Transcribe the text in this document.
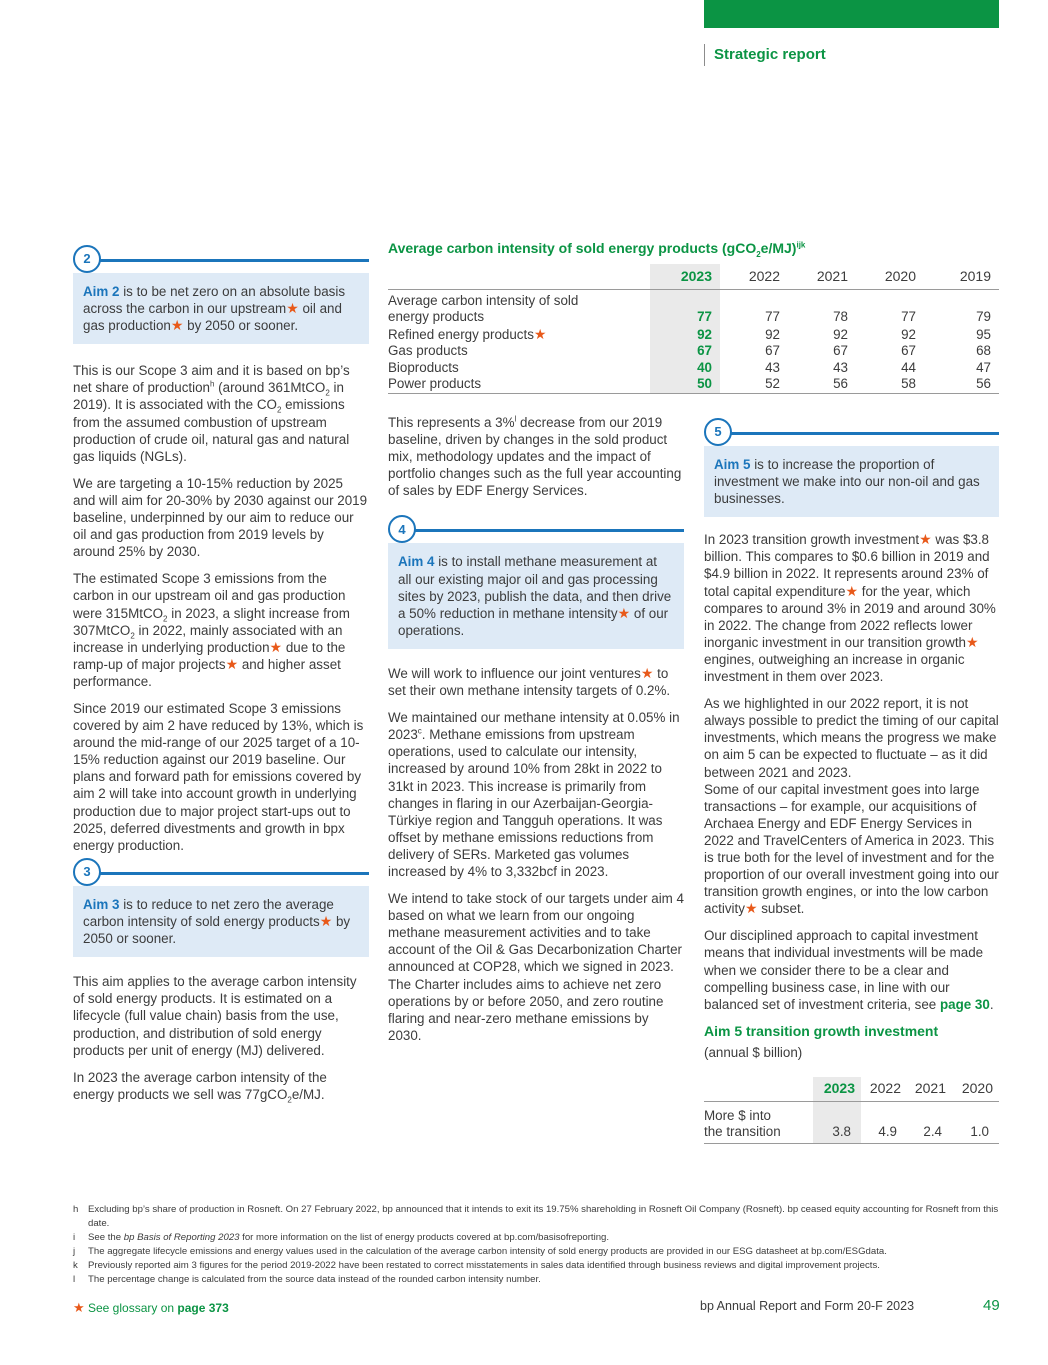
Strategic report
2
Aim 2 is to be net zero on an absolute basis across the carbon in our upstream★ oil and gas production★ by 2050 or sooner.

This is our Scope 3 aim and it is based on bp’s net share of production$^h$ (around 361MtCO$_2$ in 2019). It is associated with the $CO_2$ emissions from the assumed combustion of upstream production of crude oil, natural gas and natural gas liquids (NGLs).

We are targeting a 10-15% reduction by 2025 and will aim for 20-30% by 2030 against our 2019 baseline, underpinned by our aim to reduce our oil and gas production from 2019 levels by around 25% by 2030.

The estimated Scope 3 emissions from the carbon in our upstream oil and gas production were 315MtCO$_2$ in 2023, a slight increase from 307MtCO$_2$ in 2022, mainly associated with an increase in underlying production★ due to the ramp-up of major projects★ and higher asset performance.

Since 2019 our estimated Scope 3 emissions covered by aim 2 have reduced by 13%, which is around the mid-range of our 2025 target of a 10-15% reduction against our 2019 baseline. Our plans and forward path for emissions covered by aim 2 will take into account growth in underlying production due to major project start-ups out to 2025, deferred divestments and growth in bpx energy production.

3
Aim 3 is to reduce to net zero the average carbon intensity of sold energy products★ by 2050 or sooner.

This aim applies to the average carbon intensity of sold energy products. It is estimated on a lifecycle (full value chain) basis from the use, production, and distribution of sold energy products per unit of energy (MJ) delivered.

In 2023 the average carbon intensity of the energy products we sell was 77gCO$_2$e/MJ.

Average carbon intensity of sold energy products $(gCO_2e/MJ)^{ijk}$
	2023	2022	2021	2020	2019
Average carbon intensity of sold
energy products	77	77	78	77	79
Refined energy products★	92	92	92	92	95
Gas products	67	67	67	67	68
Bioproducts	40	43	43	44	47
Power products	50	52	56	58	56

This represents a 3%$^l$ decrease from our 2019 baseline, driven by changes in the sold product mix, methodology updates and the impact of portfolio changes such as the full year accounting of sales by EDF Energy Services.

4
Aim 4 is to install methane measurement at all our existing major oil and gas processing sites by 2023, publish the data, and then drive a 50% reduction in methane intensity★ of our operations.

We will work to influence our joint ventures★ to set their own methane intensity targets of 0.2%.

We maintained our methane intensity at 0.05% in 2023$^c$. Methane emissions from upstream operations, used to calculate our intensity, increased by around 10% from 28kt in 2022 to 31kt in 2023. This increase is primarily from changes in flaring in our Azerbaijan-Georgia-Türkiye region and Tangguh operations. It was offset by methane emissions reductions from delivery of SERs. Marketed gas volumes increased by 4% to 3,332bcf in 2023.

We intend to take stock of our targets under aim 4 based on what we learn from our ongoing methane measurement activities and to take account of the Oil & Gas Decarbonization Charter announced at COP28, which we signed in 2023. The Charter includes aims to achieve net zero operations by or before 2050, and zero routine flaring and near-zero methane emissions by 2030.

5
Aim 5 is to increase the proportion of investment we make into our non-oil and gas businesses.

In 2023 transition growth investment★ was $3.8 billion. This compares to $0.6 billion in 2019 and $4.9 billion in 2022. It represents around 23% of total capital expenditure★ for the year, which compares to around 3% in 2019 and around 30% in 2022. The change from 2022 reflects lower inorganic investment in our transition growth★ engines, outweighing an increase in organic investment in them over 2023.

As we highlighted in our 2022 report, it is not always possible to predict the timing of our capital investments, which means the progress we make on aim 5 can be expected to fluctuate – as it did between 2021 and 2023.
Some of our capital investment goes into large transactions – for example, our acquisitions of Archaea Energy and EDF Energy Services in 2022 and TravelCenters of America in 2023. This is true both for the level of investment and for the proportion of our overall investment going into our transition growth engines, or into the low carbon activity★ subset.

Our disciplined approach to capital investment means that individual investments will be made when we consider there to be a clear and compelling business case, in line with our balanced set of investment criteria, see page 30.

Aim 5 transition growth investment
(annual $ billion)
	2023	2022	2021	2020
More $ into
the transition	3.8	4.9	2.4	1.0
h	Excluding bp’s share of production in Rosneft. On 27 February 2022, bp announced that it intends to exit its 19.75% shareholding in Rosneft Oil Company (Rosneft). bp ceased equity accounting for Rosneft from this date.
i	See the bp Basis of Reporting 2023 for more information on the list of energy products covered at bp.com/basisofreporting.
j	The aggregate lifecycle emissions and energy values used in the calculation of the average carbon intensity of sold energy products are provided in our ESG datasheet at bp.com/ESGdata.
k	Previously reported aim 3 figures for the period 2019-2022 have been restated to correct misstatements in sales data identified through business reviews and digital improvement projects.
l	The percentage change is calculated from the source data instead of the rounded carbon intensity number.
★ See glossary on page 373	bp Annual Report and Form 20-F 2023	49
